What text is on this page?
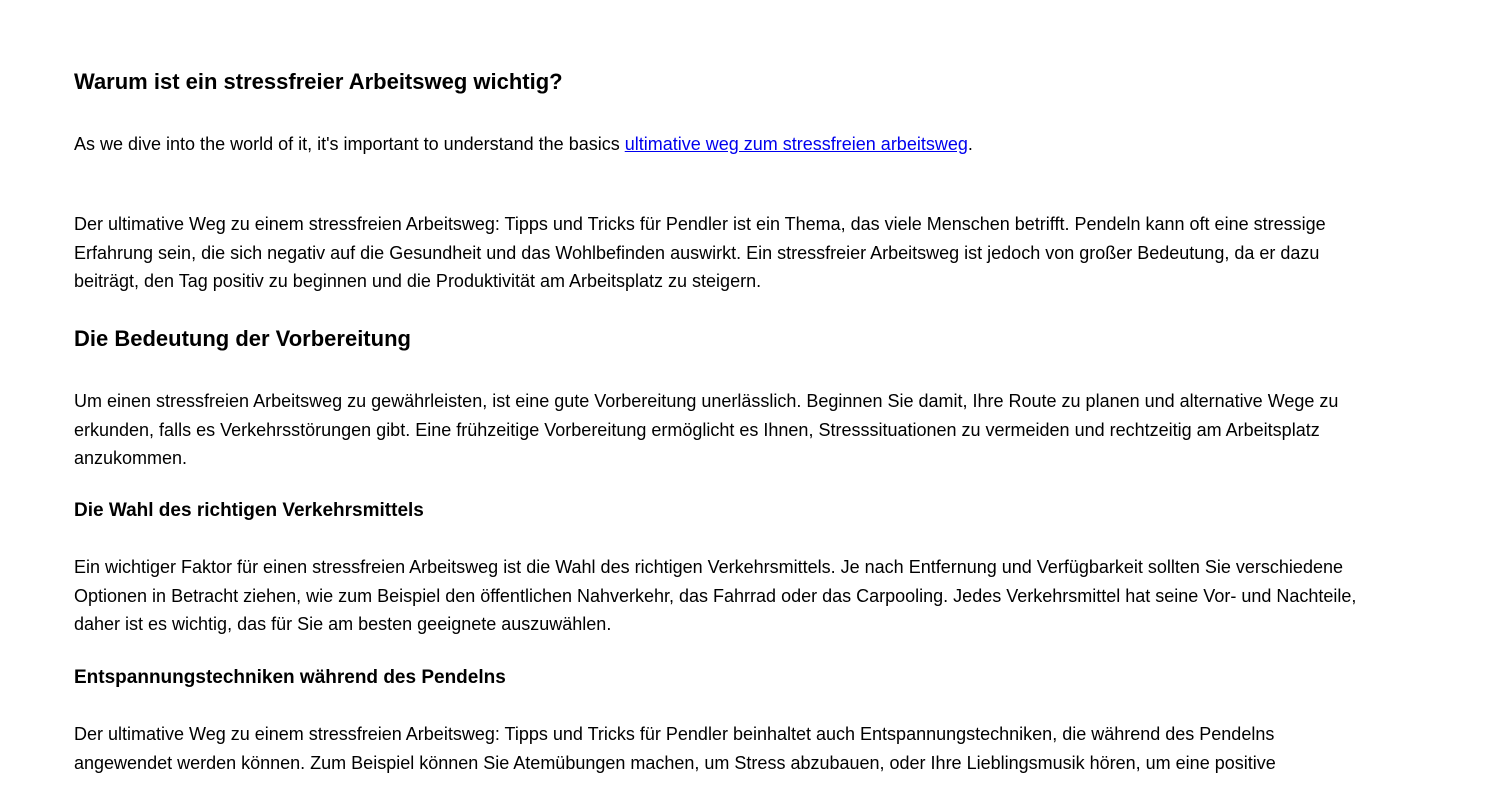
Warum ist ein stressfreier Arbeitsweg wichtig?

As we dive into the world of it, it's important to understand the basics ultimative weg zum stressfreien arbeitsweg.

Der ultimative Weg zu einem stressfreien Arbeitsweg: Tipps und Tricks für Pendler ist ein Thema, das viele Menschen betrifft. Pendeln kann oft eine stressige

Erfahrung sein, die sich negativ auf die Gesundheit und das Wohlbefinden auswirkt. Ein stressfreier Arbeitsweg ist jedoch von großer Bedeutung, da er dazu

beiträgt, den Tag positiv zu beginnen und die Produktivität am Arbeitsplatz zu steigern.

Die Bedeutung der Vorbereitung

Um einen stressfreien Arbeitsweg zu gewährleisten, ist eine gute Vorbereitung unerlässlich. Beginnen Sie damit, Ihre Route zu planen und alternative Wege zu

erkunden, falls es Verkehrsstörungen gibt. Eine frühzeitige Vorbereitung ermöglicht es Ihnen, Stresssituationen zu vermeiden und rechtzeitig am Arbeitsplatz

anzukommen.

Die Wahl des richtigen Verkehrsmittels

Ein wichtiger Faktor für einen stressfreien Arbeitsweg ist die Wahl des richtigen Verkehrsmittels. Je nach Entfernung und Verfügbarkeit sollten Sie verschiedene

Optionen in Betracht ziehen, wie zum Beispiel den öffentlichen Nahverkehr, das Fahrrad oder das Carpooling. Jedes Verkehrsmittel hat seine Vor- und Nachteile,

daher ist es wichtig, das für Sie am besten geeignete auszuwählen.

Entspannungstechniken während des Pendelns

Der ultimative Weg zu einem stressfreien Arbeitsweg: Tipps und Tricks für Pendler beinhaltet auch Entspannungstechniken, die während des Pendelns

angewendet werden können. Zum Beispiel können Sie Atemübungen machen, um Stress abzubauen, oder Ihre Lieblingsmusik hören, um eine positive
